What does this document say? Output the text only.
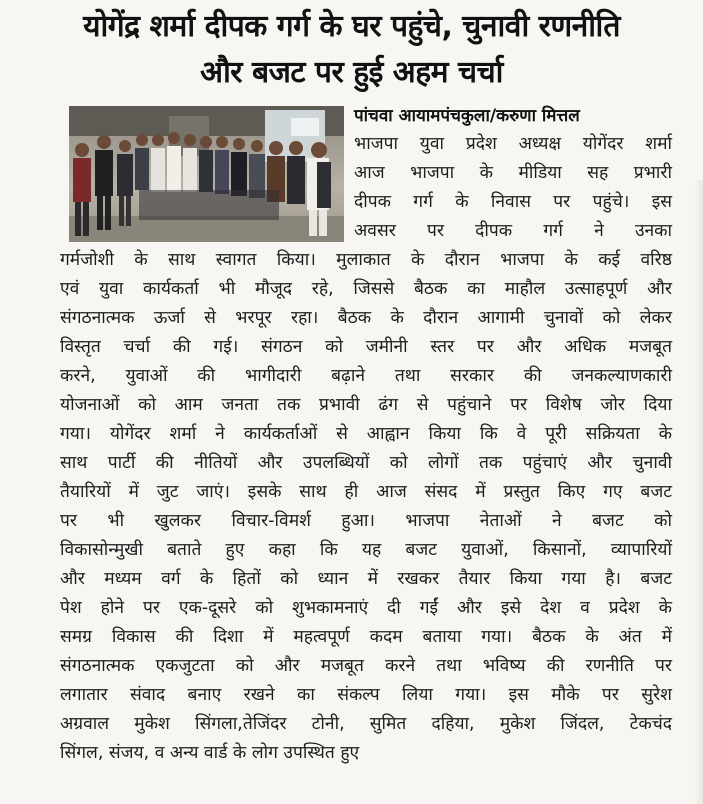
योगेंद्र शर्मा दीपक गर्ग के घर पहुंचे, चुनावी रणनीति
और बजट पर हुई अहम चर्चा
पांचवा आयामपंचकुला/करुणा मित्तल
भाजपा युवा प्रदेश अध्यक्ष योगेंदर शर्मा
आज भाजपा के मीडिया सह प्रभारी
दीपक गर्ग के निवास पर पहुंचे। इस
अवसर पर दीपक गर्ग ने उनका
गर्मजोशी के साथ स्वागत किया। मुलाकात के दौरान भाजपा के कई वरिष्ठ
एवं युवा कार्यकर्ता भी मौजूद रहे, जिससे बैठक का माहौल उत्साहपूर्ण और
संगठनात्मक ऊर्जा से भरपूर रहा। बैठक के दौरान आगामी चुनावों को लेकर
विस्तृत चर्चा की गई। संगठन को जमीनी स्तर पर और अधिक मजबूत
करने, युवाओं की भागीदारी बढ़ाने तथा सरकार की जनकल्याणकारी
योजनाओं को आम जनता तक प्रभावी ढंग से पहुंचाने पर विशेष जोर दिया
गया। योगेंदर शर्मा ने कार्यकर्ताओं से आह्वान किया कि वे पूरी सक्रियता के
साथ पार्टी की नीतियों और उपलब्धियों को लोगों तक पहुंचाएं और चुनावी
तैयारियों में जुट जाएं। इसके साथ ही आज संसद में प्रस्तुत किए गए बजट
पर भी खुलकर विचार-विमर्श हुआ। भाजपा नेताओं ने बजट को
विकासोन्मुखी बताते हुए कहा कि यह बजट युवाओं, किसानों, व्यापारियों
और मध्यम वर्ग के हितों को ध्यान में रखकर तैयार किया गया है। बजट
पेश होने पर एक-दूसरे को शुभकामनाएं दी गईं और इसे देश व प्रदेश के
समग्र विकास की दिशा में महत्वपूर्ण कदम बताया गया। बैठक के अंत में
संगठनात्मक एकजुटता को और मजबूत करने तथा भविष्य की रणनीति पर
लगातार संवाद बनाए रखने का संकल्प लिया गया। इस मौके पर सुरेश
अग्रवाल मुकेश सिंगला,तेजिंदर टोनी, सुमित दहिया, मुकेश जिंदल, टेकचंद
सिंगल, संजय, व अन्य वार्ड के लोग उपस्थित हुए
